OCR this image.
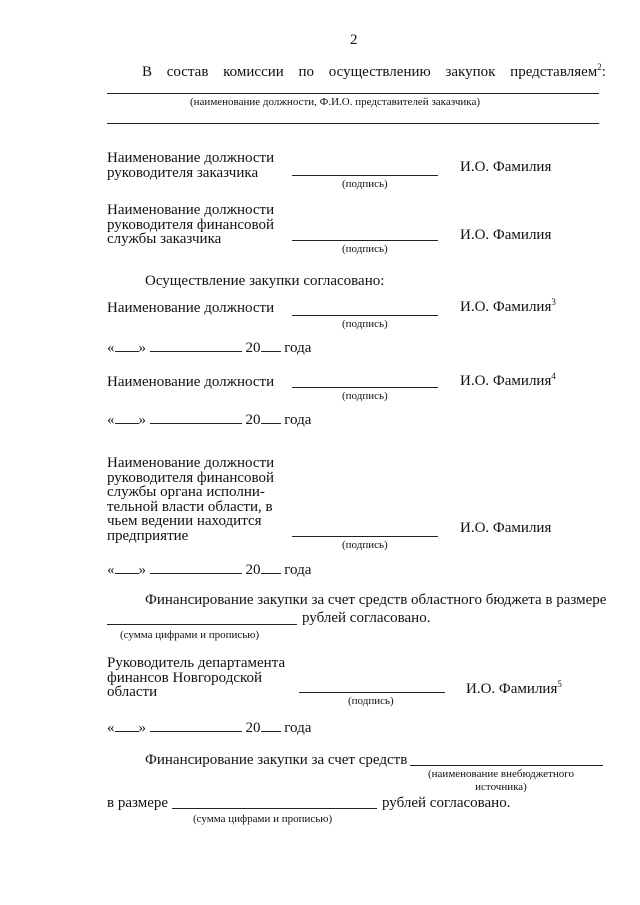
2
В состав комиссии по осуществлению закупок представляем$^2$:
(наименование должности, Ф.И.О. представителей заказчика)
Наименование должности
руководителя заказчика
(подпись)
И.О. Фамилия
Наименование должности
руководителя финансовой
службы заказчика
(подпись)
И.О. Фамилия
Осуществление закупки согласовано:
Наименование должности
(подпись)
И.О. Фамилия$^3$
« »	20 года
Наименование должности
(подпись)
И.О. Фамилия$^4$
« »	20 года
Наименование должности
руководителя финансовой
службы органа исполни-
тельной власти области, в
чьем ведении находится
предприятие
(подпись)
И.О. Фамилия
« »	20 года
Финансирование закупки за счет средств областного бюджета в размере
рублей согласовано.
(сумма цифрами и прописью)
Руководитель департамента
финансов Новгородской
области
(подпись)
И.О. Фамилия$^5$
« »	20 года
Финансирование закупки за счет средств
(наименование внебюджетного
источника)
в размере	рублей согласовано.
(сумма цифрами и прописью)
